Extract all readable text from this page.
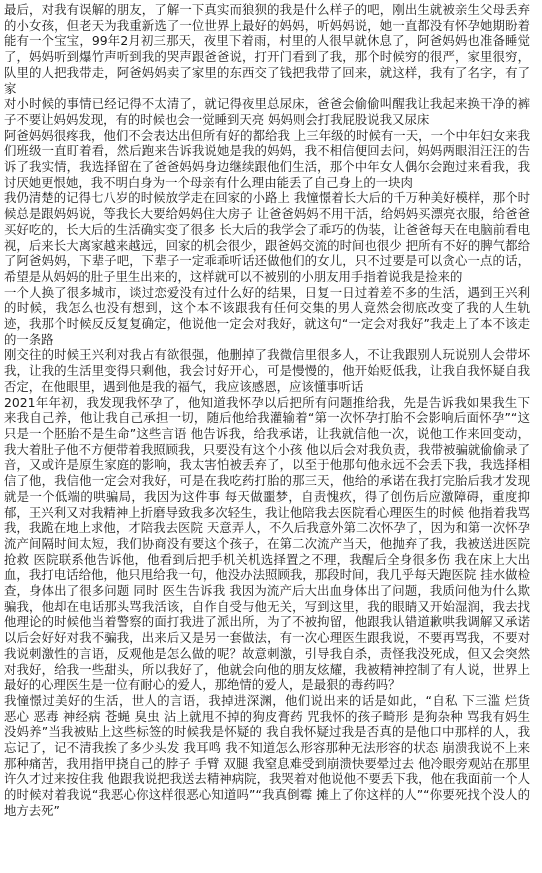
最后，对我有误解的朋友，了解一下真实而狼狈的我是什么样子的吧，刚出生就被亲生父母丢弃的小女孩，但老天为我重新选了一位世界上最好的妈妈，听妈妈说，她一直都没有怀孕她期盼着能有一个宝宝，99年2月初三那天，夜里下着雨，村里的人很早就休息了，阿爸妈妈也准备睡觉了，妈妈听到爆竹声听到我的哭声跟爸爸说，打开门看到了我，那个时候穷的很严，家里很穷，队里的人把我带走，阿爸妈妈卖了家里的东西交了钱把我带了回来，就这样，我有了名字，有了家

对小时候的事情已经记得不太清了，就记得夜里总尿床，爸爸会偷偷叫醒我让我起来换干净的裤子不要让妈妈发现，有的时候也会一觉睡到天亮 妈妈则会打我屁股说我又尿床

阿爸妈妈很疼我，他们不会表达出但所有好的都给我 上三年级的时候有一天，一个中年妇女来我们班级一直盯着看，然后跑来告诉我说她是我的妈妈，我不相信便回去问，妈妈两眼泪汪汪的告诉了我实情，我选择留在了爸爸妈妈身边继续跟他们生活，那个中年女人偶尔会跑过来看我，我讨厌她更恨她，我不明白身为一个母亲有什么理由能丢了自己身上的一块肉

我仍清楚的记得七八岁的时候放学走在回家的小路上 我憧憬着长大后的千万种美好模样，那个时候总是跟妈妈说，等我长大要给妈妈住大房子 让爸爸妈妈不用干活，给妈妈买漂亮衣服，给爸爸买好吃的，长大后的生活确实变了很多 长大后的我学会了乖巧的伪装，让爸爸每天在电脑前看电视，后来长大离家越来越远，回家的机会很少，跟爸妈交流的时间也很少 把所有不好的脾气都给了阿爸妈妈，下辈子吧，下辈子一定乖乖听话还做他们的女儿，只不过要是可以贪心一点的话，希望是从妈妈的肚子里生出来的，这样就可以不被别的小朋友用手指着说我是捡来的

一个人换了很多城市，谈过恋爱没有过什么好的结果，日复一日过着差不多的生活，遇到王兴利的时候，我怎么也没有想到，这个本不该跟我有任何交集的男人竟然会彻底改变了我的人生轨迹，我那个时候反反复复确定，他说他一定会对我好，就这句“一定会对我好”我走上了本不该走的一条路

刚交往的时候王兴利对我占有欲很强，他删掉了我微信里很多人，不让我跟别人玩说别人会带坏我，让我的生活里变得只剩他，我会讨好开心，可是慢慢的，他开始贬低我，让我自我怀疑自我否定，在他眼里，遇到他是我的福气，我应该感恩，应该懂事听话

2021年年初，我发现我怀孕了，他知道我怀孕以后把所有问题推给我，先是告诉我如果我生下来我自己养，他让我自己承担一切，随后他给我灌输着“第一次怀孕打胎不会影响后面怀孕”“这只是一个胚胎不是生命”这些言语 他告诉我，给我承诺，让我就信他一次，说他工作来回变动，我大着肚子他不方便带着我照顾我，只要没有这个小孩 他以后会对我负责，我带被骗就偷偷录了音，又或许是原生家庭的影响，我太害怕被丢弃了，以至于他那句他永远不会丢下我，我选择相信了他，我信他一定会对我好，可是在我吃药打胎的那三天，他给的承诺在我打完胎后我才发现就是一个低端的哄骗局，我因为这件事 每天做噩梦，自责愧疚，得了创伤后应激障碍，重度抑郁，王兴利又对我精神上折磨导致我多次轻生，我让他陪我去医院看心理医生的时候 他指着我骂我，我跪在地上求他，才陪我去医院 天意弄人，不久后我意外第二次怀孕了，因为和第一次怀孕流产间隔时间太短，我们协商没有要这个孩子，在第二次流产当天，他抛弃了我，我被送进医院抢救 医院联系他告诉他，他看到后把手机关机选择置之不理，我醒后全身很多伤 我在床上大出血，我打电话给他，他只甩给我一句，他没办法照顾我，那段时间，我几乎每天跑医院 挂水做检查，身体出了很多问题 同时 医生告诉我 我因为流产后大出血身体出了问题，我质问他为什么欺骗我，他却在电话那头骂我活该，自作自受与他无关，写到这里，我的眼睛又开始湿润，我去找他理论的时候他当着警察的面打我进了派出所，为了不被拘留，他跟我认错道歉哄我调解又承诺以后会好好对我不骗我，出来后又是另一套做法，有一次心理医生跟我说，不要再骂我，不要对我说刺激性的言语，反观他是怎么做的呢？故意刺激，引导我自杀，责怪我没死成，但又会突然对我好，给我一些甜头，所以我好了，他就会向他的朋友炫耀，我被精神控制了有人说，世界上最好的心理医生是一位有耐心的爱人，那绝情的爱人，是最狠的毒药吗？

我憧憬过美好的生活，世人的言语，我掉进深渊，他们说出来的话是如此，“自私 下三滥 烂货 恶心 恶毒 神经病 苍蝇 臭虫 沾上就甩不掉的狗皮膏药 咒我怀的孩子畸形 是狗杂种 骂我有妈生没妈养”当我被贴上这些标签的时候我是怀疑的 我自我怀疑过我是否真的是他口中那样的人，我忘记了，记不清我挨了多少头发 我耳鸣 我不知道怎么形容那种无法形容的状态 崩溃我说不上来那种痛苦，我用指甲挠自己的脖子 手臂 双腿 我窒息难受到崩溃快要晕过去 他冷眼旁观站在那里许久才过来按住我 他跟我说把我送去精神病院，我哭着对他说他不要丢下我，他在我面前一个人的时候对着我说“我恶心你这样很恶心知道吗”“我真倒霉 摊上了你这样的人”“你要死找个没人的地方去死”
